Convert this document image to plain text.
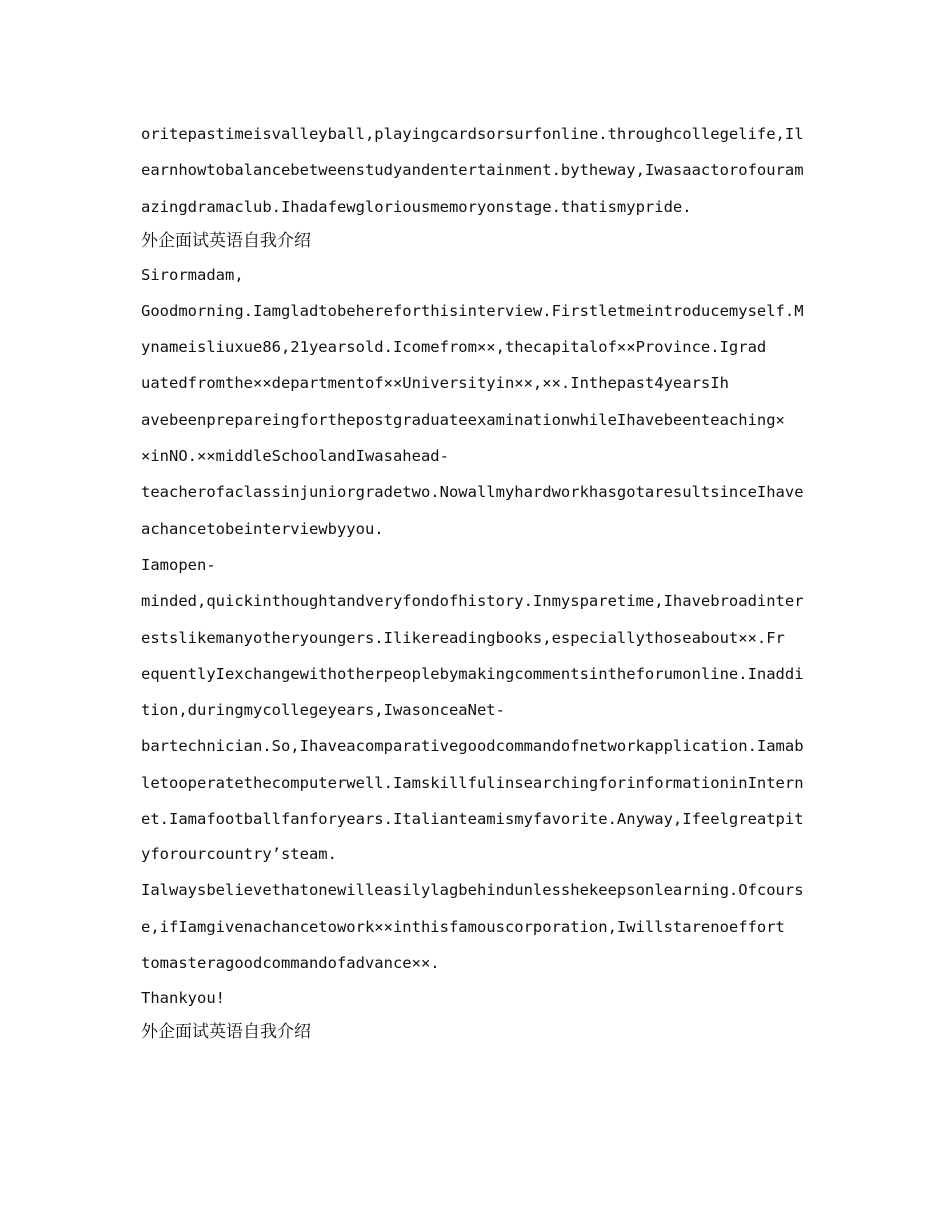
oritepastimeisvalleyball,playingcardsorsurfonline.throughcollegelife,Il
earnhowtobalancebetweenstudyandentertainment.bytheway,Iwasaactorofouram
azingdramaclub.Ihadafewgloriousmemoryonstage.thatismypride.
外企面试英语自我介绍
Sirormadam,
Goodmorning.Iamgladtobehereforthisinterview.Firstletmeintroducemyself.M
ynameisliuxue86,21yearsold.Icomefrom××,thecapitalof××Province.Igrad
uatedfromthe××departmentof××Universityin××,××.Inthepast4yearsIh
avebeenprepareingforthepostgraduateexaminationwhileIhavebeenteaching×
×inNO.××middleSchoolandIwasahead-
teacherofaclassinjuniorgradetwo.NowallmyhardworkhasgotaresultsinceIhave
achancetobeinterviewbyyou.
Iamopen-
minded,quickinthoughtandveryfondofhistory.Inmysparetime,Ihavebroadinter
estslikemanyotheryoungers.Ilikereadingbooks,especiallythoseabout××.Fr
equentlyIexchangewithotherpeoplebymakingcommentsintheforumonline.Inaddi
tion,duringmycollegeyears,IwasonceaNet-
bartechnician.So,Ihaveacomparativegoodcommandofnetworkapplication.Iamab
letooperatethecomputerwell.IamskillfulinsearchingforinformationinIntern
et.Iamafootballfanforyears.Italianteamismyfavorite.Anyway,Ifeelgreatpit
yforourcountry’steam.
Ialwaysbelievethatonewilleasilylagbehindunlesshekeepsonlearning.Ofcours
e,ifIamgivenachancetowork××inthisfamouscorporation,Iwillstarenoeffort
tomasteragoodcommandofadvance××.
Thankyou!
外企面试英语自我介绍
